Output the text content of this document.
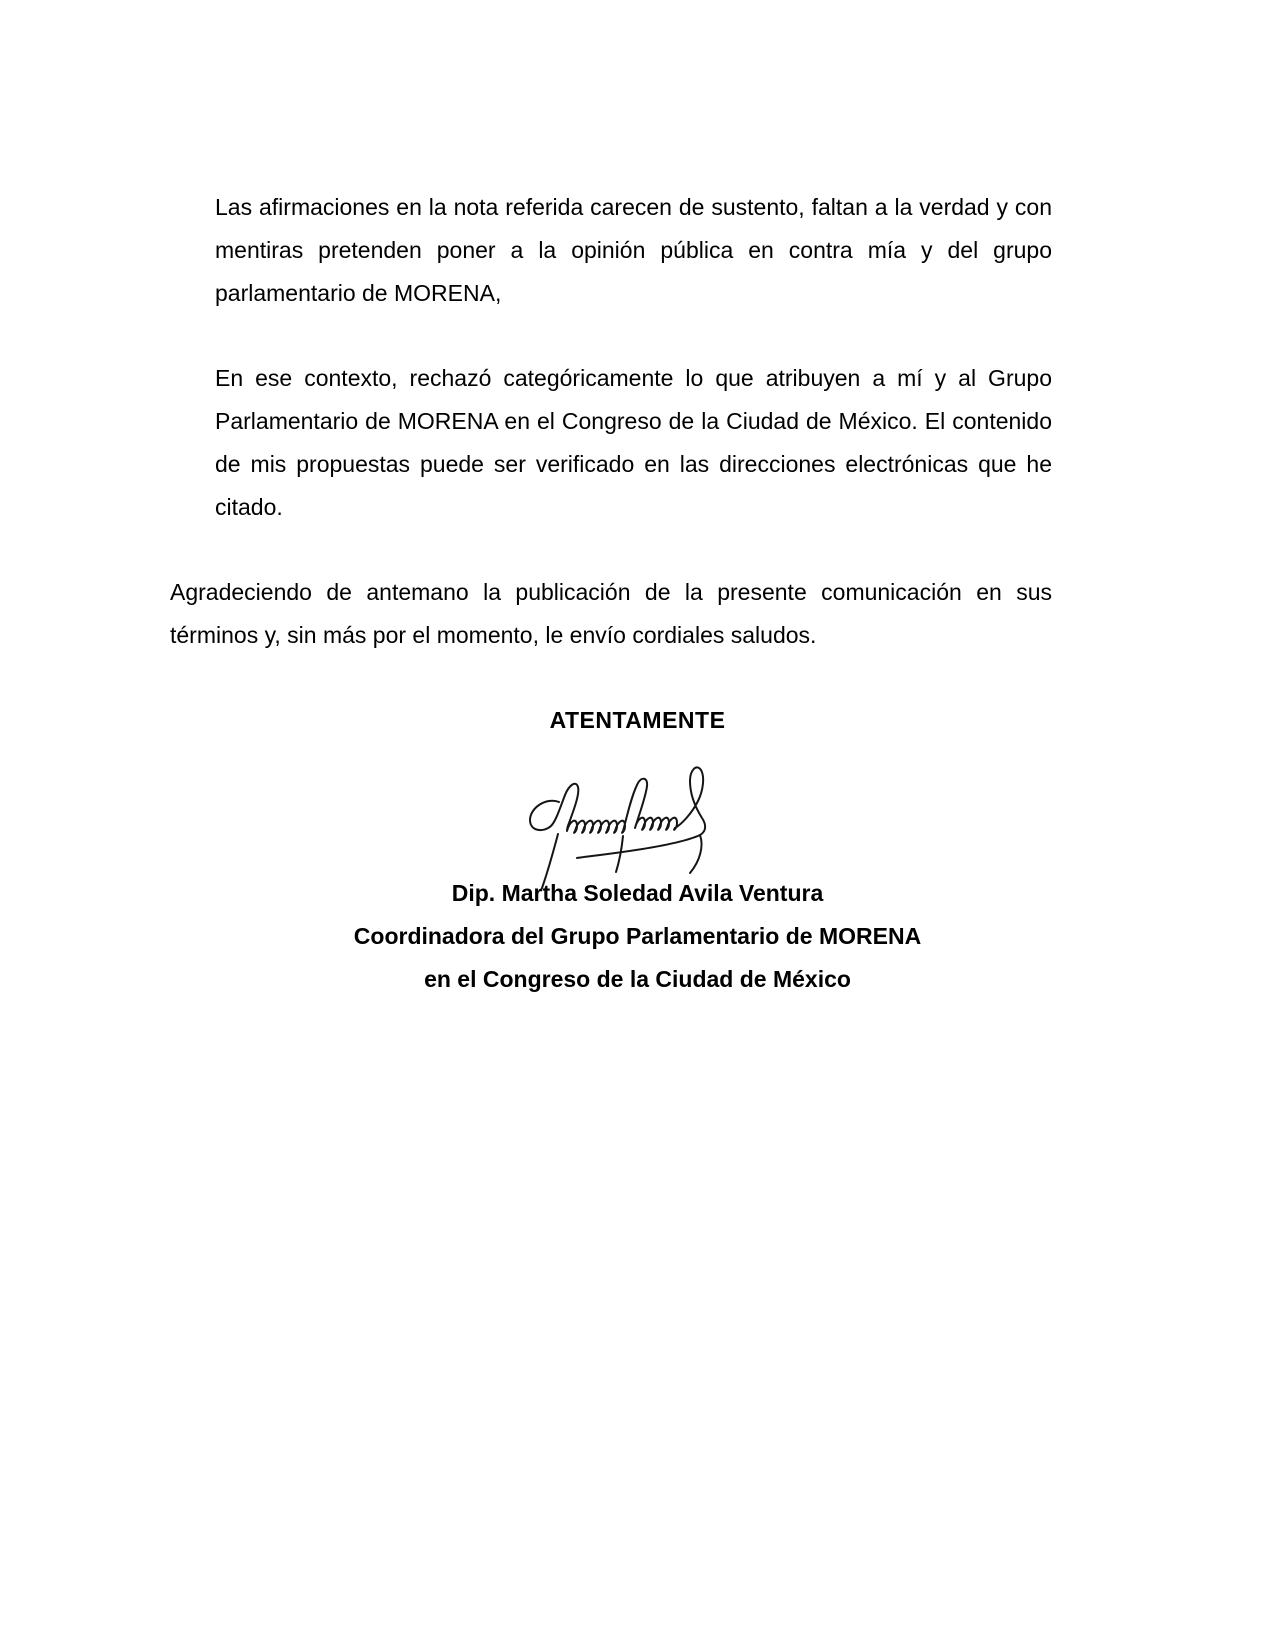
Las afirmaciones en la nota referida carecen de sustento, faltan a la verdad y con mentiras pretenden poner a la opinión pública en contra mía y del grupo parlamentario de MORENA,

En ese contexto, rechazó categóricamente lo que atribuyen a mí y al Grupo Parlamentario de MORENA en el Congreso de la Ciudad de México. El contenido de mis propuestas puede ser verificado en las direcciones electrónicas que he citado.

Agradeciendo de antemano la publicación de la presente comunicación en sus términos y, sin más por el momento, le envío cordiales saludos.

ATENTAMENTE

Dip. Martha Soledad Avila Ventura

Coordinadora del Grupo Parlamentario de MORENA

en el Congreso de la Ciudad de México
